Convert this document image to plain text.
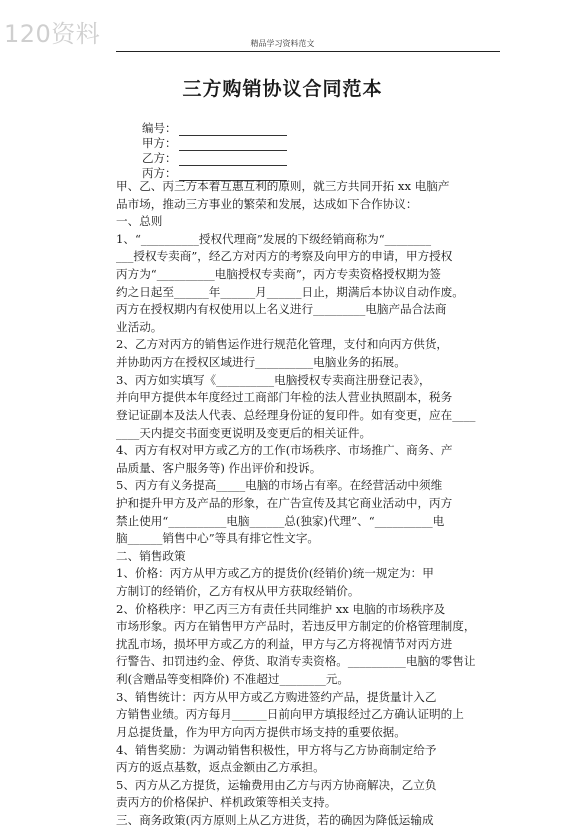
120资料	精品学习资料范文
三方购销协议合同范本
编号：
甲方：
乙方：
丙方：
甲、乙、丙三方本着互惠互利的原则，就三方共同开拓 xx 电脑产
品市场，推动三方事业的繁荣和发展，达成如下合作协议：
一、总则
1、“__________授权代理商”发展的下级经销商称为“________
___授权专卖商”，经乙方对丙方的考察及向甲方的申请，甲方授权
丙方为“__________电脑授权专卖商”，丙方专卖资格授权期为签
约之日起至______年______月______日止，期满后本协议自动作废。
丙方在授权期内有权使用以上名义进行_________电脑产品合法商
业活动。
2、乙方对丙方的销售运作进行规范化管理，支付和向丙方供货，
并协助丙方在授权区域进行__________电脑业务的拓展。
3、丙方如实填写《__________电脑授权专卖商注册登记表》，
并向甲方提供本年度经过工商部门年检的法人营业执照副本，税务
登记证副本及法人代表、总经理身份证的复印件。如有变更，应在____
____天内提交书面变更说明及变更后的相关证件。
4、丙方有权对甲方或乙方的工作(市场秩序、市场推广、商务、产
品质量、客户服务等) 作出评价和投诉。
5、丙方有义务提高_____电脑的市场占有率。在经营活动中须维
护和提升甲方及产品的形象，在广告宣传及其它商业活动中，丙方
禁止使用“__________电脑______总(独家)代理”、“__________电
脑______销售中心”等具有排它性文字。
二、销售政策
1、价格：丙方从甲方或乙方的提货价(经销价)统一规定为：甲
方制订的经销价，乙方有权从甲方获取经销价。
2、价格秩序：甲乙丙三方有责任共同维护 xx 电脑的市场秩序及
市场形象。丙方在销售甲方产品时，若违反甲方制定的价格管理制度，
扰乱市场，损坏甲方或乙方的利益，甲方与乙方将视情节对丙方进
行警告、扣罚违约金、停货、取消专卖资格。__________电脑的零售让
利(含赠品等变相降价) 不准超过________元。
3、销售统计：丙方从甲方或乙方购进签约产品，提货量计入乙
方销售业绩。丙方每月______日前向甲方填报经过乙方确认证明的上
月总提货量，作为甲方向丙方提供市场支持的重要依据。
4、销售奖励：为调动销售积极性，甲方将与乙方协商制定给予
丙方的返点基数，返点金额由乙方承担。
5、丙方从乙方提货，运输费用由乙方与丙方协商解决，乙立负
责丙方的价格保护、样机政策等相关支持。
三、商务政策(丙方原则上从乙方进货，若的确因为降低运输成
